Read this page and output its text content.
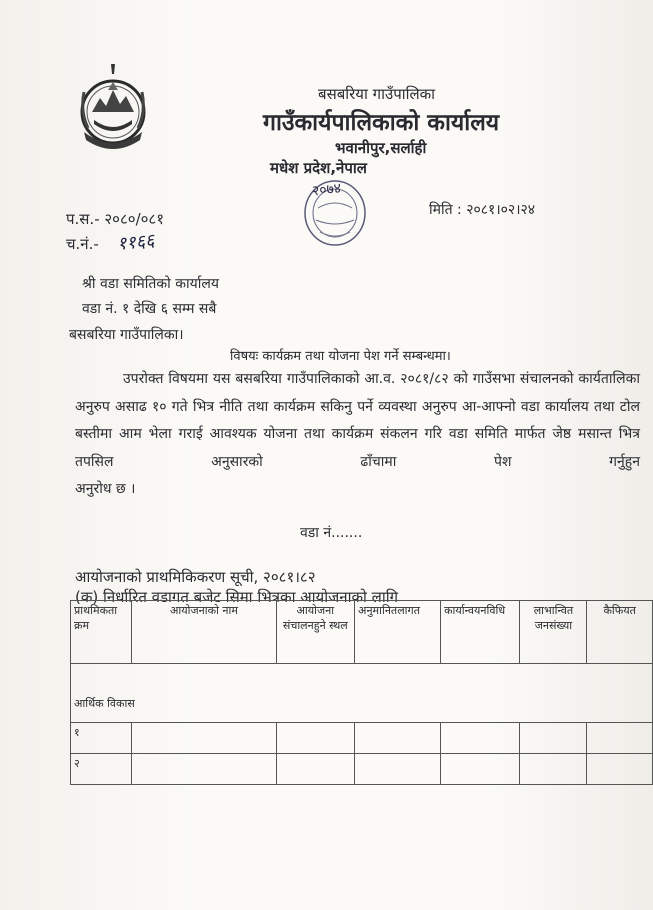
बसबरिया गाउँपालिका
गाउँकार्यपालिकाको कार्यालय
भवानीपुर,सर्लाही
मधेश प्रदेश,नेपाल
२०७४
प.स.- २०८०/०८१
च.नं.- ११६६
मिति : २०८१।०२।२४
श्री वडा समितिको कार्यालय
वडा नं. १ देखि ६ सम्म सबै
बसबरिया गाउँपालिका।
विषयः कार्यक्रम तथा योजना पेश गर्ने सम्बन्धमा।
उपरोक्त विषयमा यस बसबरिया गाउँपालिकाको आ.व. २०८१/८२ को गाउँसभा संचालनको कार्यतालिका अनुरुप असाढ १० गते भित्र नीति तथा कार्यक्रम सकिनु पर्ने व्यवस्था अनुरुप आ-आफ्नो वडा कार्यालय तथा टोल बस्तीमा आम भेला गराई आवश्यक योजना तथा कार्यक्रम संकलन गरि वडा समिति मार्फत जेष्ठ मसान्त भित्र तपसिल अनुसारको ढाँचामा पेश गर्नुहुन
अनुरोध छ ।
वडा नं.......
आयोजनाको प्राथमिकिकरण सूची, २०८१।८२
(क) निर्धारित वडागत बजेट सिमा भित्रका आयोजनाको लागि
प्राथमिकता क्रम	आयोजनाको नाम	आयोजना संचालनहुने स्थल	अनुमानितलागत	कार्यान्वयनविधि	लाभान्वित जनसंख्या	कैफियत

आर्थिक विकास						
१						
२						
